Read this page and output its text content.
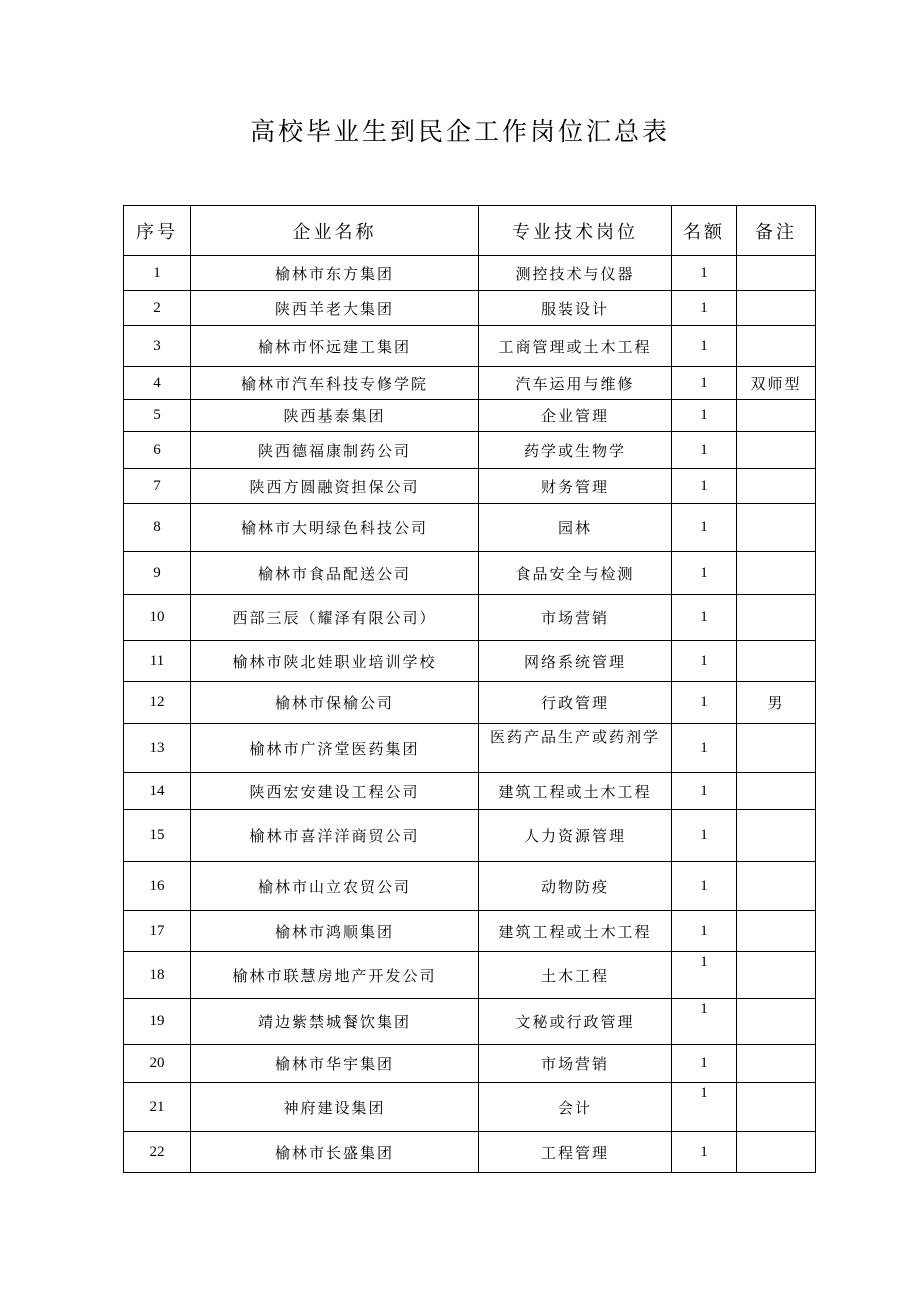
高校毕业生到民企工作岗位汇总表
序号	企业名称	专业技术岗位	名额	备注
1	榆林市东方集团	测控技术与仪器	1	
2	陕西羊老大集团	服装设计	1	
3	榆林市怀远建工集团	工商管理或土木工程	1	
4	榆林市汽车科技专修学院	汽车运用与维修	1	双师型
5	陕西基泰集团	企业管理	1	
6	陕西德福康制药公司	药学或生物学	1	
7	陕西方圆融资担保公司	财务管理	1	
8	榆林市大明绿色科技公司	园林	1	
9	榆林市食品配送公司	食品安全与检测	1	
10	西部三辰（耀泽有限公司）	市场营销	1	
11	榆林市陕北娃职业培训学校	网络系统管理	1	
12	榆林市保榆公司	行政管理	1	男
13	榆林市广济堂医药集团	医药产品生产或药剂学	1	
14	陕西宏安建设工程公司	建筑工程或土木工程	1	
15	榆林市喜洋洋商贸公司	人力资源管理	1	
16	榆林市山立农贸公司	动物防疫	1	
17	榆林市鸿顺集团	建筑工程或土木工程	1	
18	榆林市联慧房地产开发公司	土木工程	1	
19	靖边紫禁城餐饮集团	文秘或行政管理	1	
20	榆林市华宇集团	市场营销	1	
21	神府建设集团	会计	1	
22	榆林市长盛集团	工程管理	1	
